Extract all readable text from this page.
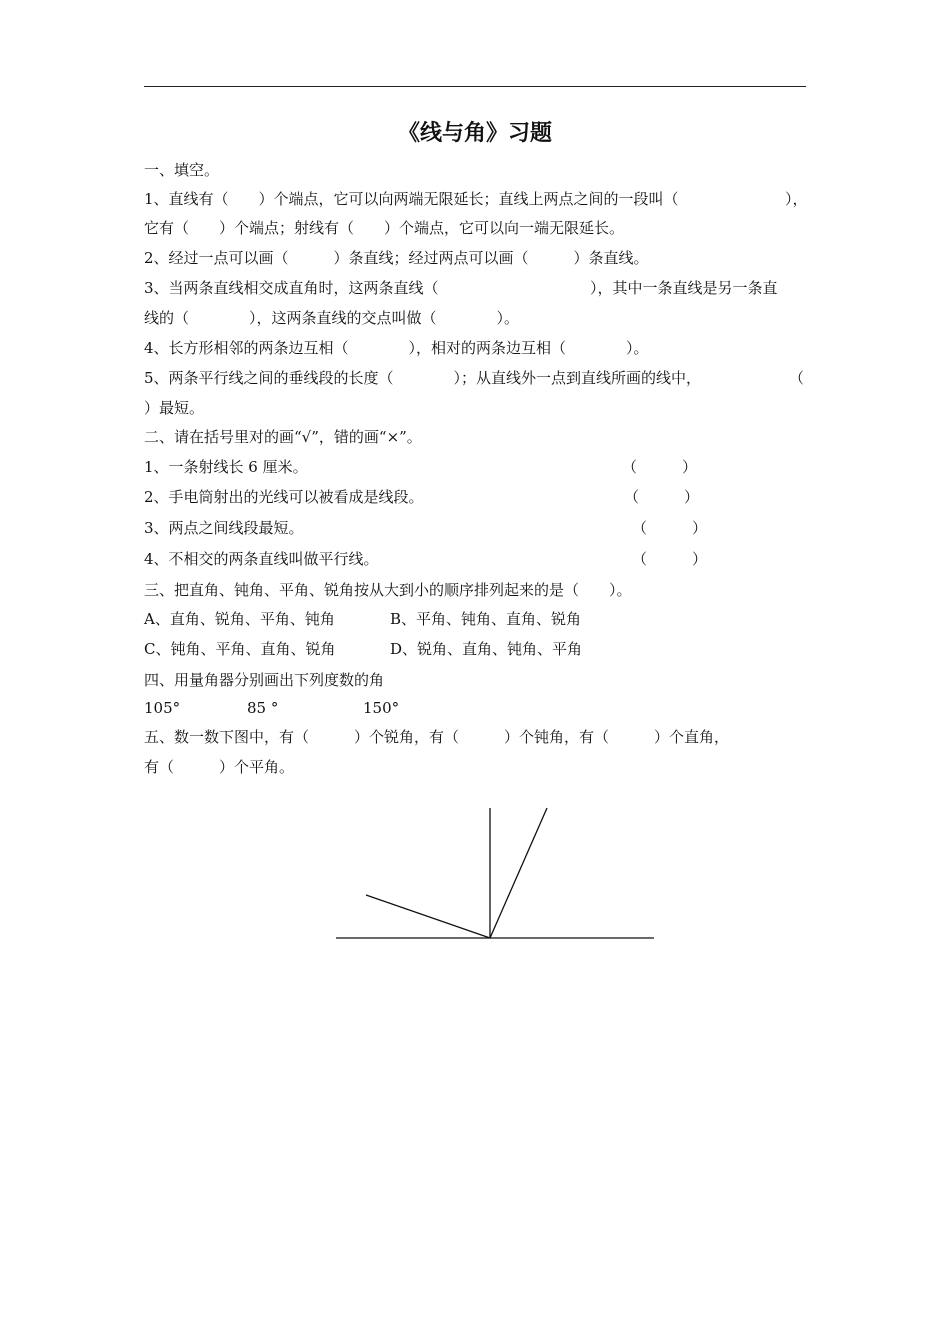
《线与角》习题
一、填空。
1、直线有（　　）个端点，它可以向两端无限延长；直线上两点之间的一段叫（	），
它有（　　）个端点；射线有（　　）个端点，它可以向一端无限延长。
2、经过一点可以画（　　　）条直线；经过两点可以画（　　　）条直线。
3、当两条直线相交成直角时，这两条直线（	），其中一条直线是另一条直
线的（　　　　），这两条直线的交点叫做（　　　　）。
4、长方形相邻的两条边互相（　　　　），相对的两条边互相（　　　　）。
5、两条平行线之间的垂线段的长度（　　　　）；从直线外一点到直线所画的线中，	（
）最短。
二、请在括号里对的画“√”，错的画“×”。
1、一条射线长 6 厘米。	（　　　）
2、手电筒射出的光线可以被看成是线段。	（　　　）
3、两点之间线段最短。	（　　　）
4、不相交的两条直线叫做平行线。	（　　　）
三、把直角、钝角、平角、锐角按从大到小的顺序排列起来的是（　　）。
A、直角、锐角、平角、钝角	B、平角、钝角、直角、锐角
C、钝角、平角、直角、锐角	D、锐角、直角、钝角、平角
四、用量角器分别画出下列度数的角
105°	85 °	150°
五、数一数下图中，有（　　　）个锐角，有（　　　）个钝角，有（　　　）个直角，
有（　　　）个平角。
